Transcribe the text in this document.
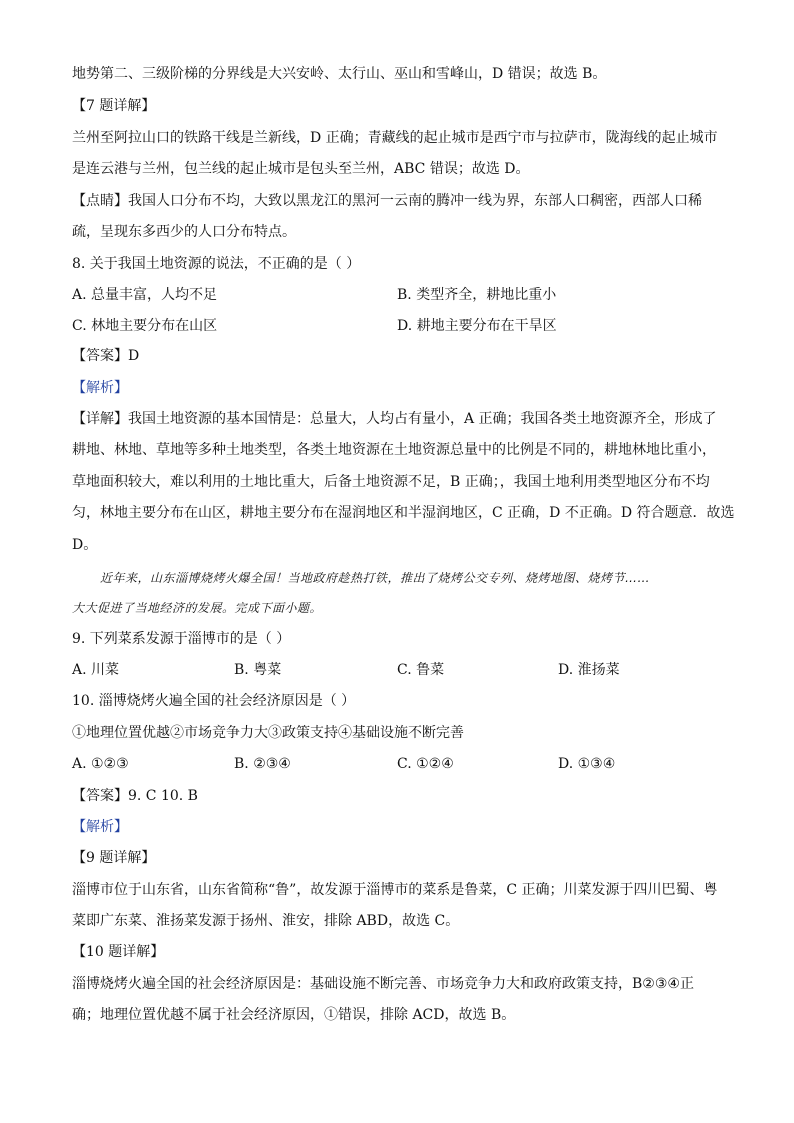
地势第二、三级阶梯的分界线是大兴安岭、太行山、巫山和雪峰山，D 错误；故选 B。
【7 题详解】
兰州至阿拉山口的铁路干线是兰新线，D 正确；青藏线的起止城市是西宁市与拉萨市，陇海线的起止城市
是连云港与兰州，包兰线的起止城市是包头至兰州，ABC 错误；故选 D。
【点睛】我国人口分布不均，大致以黑龙江的黑河一云南的腾冲一线为界，东部人口稠密，西部人口稀
疏，呈现东多西少的人口分布特点。
8. 关于我国土地资源的说法，不正确的是（ ）
A. 总量丰富，人均不足	B. 类型齐全，耕地比重小
C. 林地主要分布在山区	D. 耕地主要分布在干旱区
【答案】D
【解析】
【详解】我国土地资源的基本国情是：总量大，人均占有量小，A 正确；我国各类土地资源齐全，形成了
耕地、林地、草地等多种土地类型，各类土地资源在土地资源总量中的比例是不同的，耕地林地比重小，
草地面积较大，难以利用的土地比重大，后备土地资源不足，B 正确；，我国土地利用类型地区分布不均
匀，林地主要分布在山区，耕地主要分布在湿润地区和半湿润地区，C 正确，D 不正确。D 符合题意．故选
D。
近年来，山东淄博烧烤火爆全国！当地政府趁热打铁，推出了烧烤公交专列、烧烤地图、烧烤节……
大大促进了当地经济的发展。完成下面小题。
9. 下列菜系发源于淄博市的是（ ）
A. 川菜	B. 粤菜	C. 鲁菜	D. 淮扬菜
10. 淄博烧烤火遍全国的社会经济原因是（ ）
①地理位置优越②市场竞争力大③政策支持④基础设施不断完善
A. ①②③	B. ②③④	C. ①②④	D. ①③④
【答案】9. C 10. B
【解析】
【9 题详解】
淄博市位于山东省，山东省简称“鲁”，故发源于淄博市的菜系是鲁菜，C 正确；川菜发源于四川巴蜀、粤
菜即广东菜、淮扬菜发源于扬州、淮安，排除 ABD，故选 C。
【10 题详解】
淄博烧烤火遍全国的社会经济原因是：基础设施不断完善、市场竞争力大和政府政策支持，B②③④正
确；地理位置优越不属于社会经济原因，①错误，排除 ACD，故选 B。
